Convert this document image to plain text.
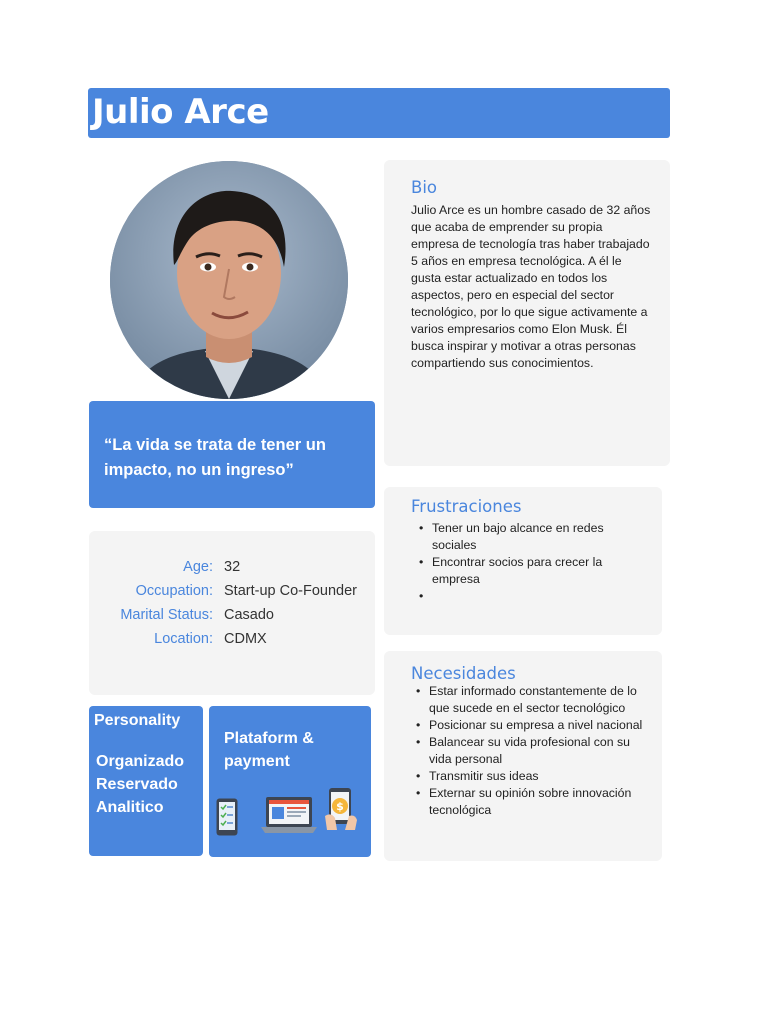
Julio Arce

“La vida se trata de tener un impacto, no un ingreso”

Age: 32
Occupation: Start-up Co-Founder
Marital Status: Casado
Location: CDMX
Personality
Organizado
Reservado
Analitico
Plataform & payment
$
Bio
Julio Arce es un hombre casado de 32 años que acaba de emprender su propia empresa de tecnología tras haber trabajado 5 años en empresa tecnológica. A él le gusta estar actualizado en todos los aspectos, pero en especial del sector tecnológico, por lo que sigue activamente a varios empresarios como Elon Musk. Él busca inspirar y motivar a otras personas compartiendo sus conocimientos.
Frustraciones
• Tener un bajo alcance en redes sociales
• Encontrar socios para crecer la empresa
•
Necesidades
• Estar informado constantemente de lo que sucede en el sector tecnológico
• Posicionar su empresa a nivel nacional
• Balancear su vida profesional con su vida personal
• Transmitir sus ideas
• Externar su opinión sobre innovación tecnológica
